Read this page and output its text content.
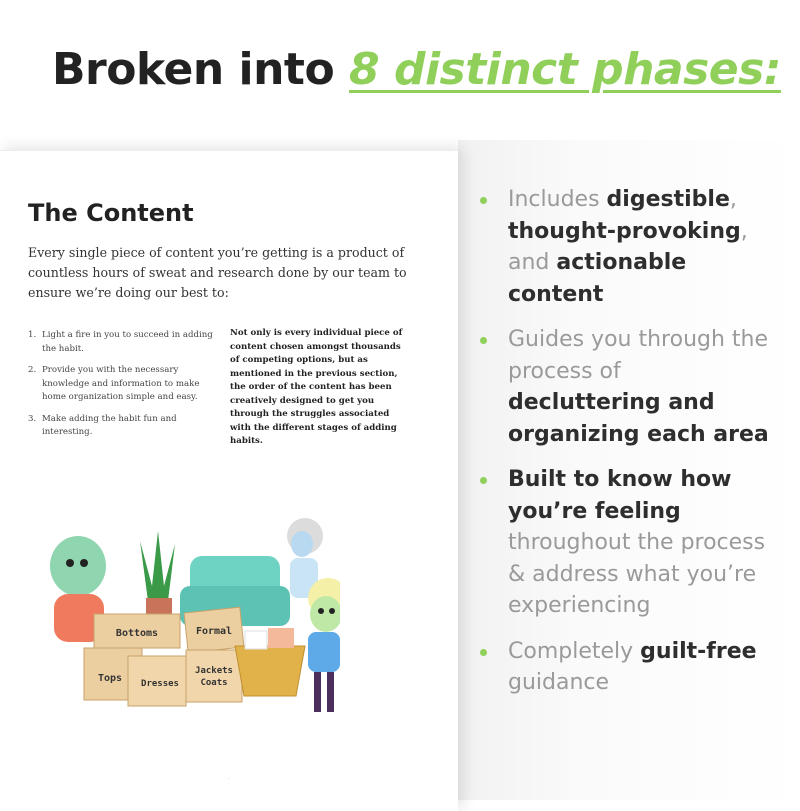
Broken into 8 distinct phases:
The Content

Every single piece of content you’re getting is a product of countless hours of sweat and research done by our team to ensure we’re doing our best to:

1. Light a fire in you to succeed in adding the habit.
2. Provide you with the necessary knowledge and information to make home organization simple and easy.
3. Make adding the habit fun and interesting.

Not only is every individual piece of content chosen amongst thousands of competing options, but as mentioned in the previous section, the order of the content has been creatively designed to get you through the struggles associated with the different stages of adding habits.

Bottoms
Tops Dresses
Formal
Jackets
Coats
·
Includes digestible, thought-provoking, and actionable content
Guides you through the process of decluttering and organizing each area
Built to know how you’re feeling throughout the process & address what you’re experiencing
Completely guilt-free guidance
